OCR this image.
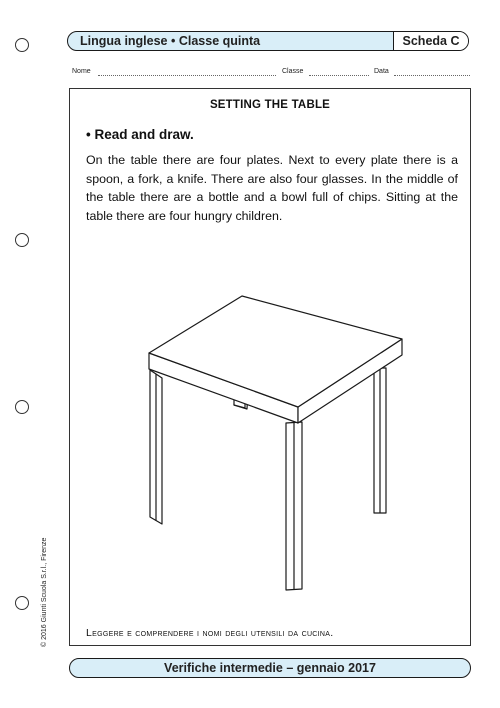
Lingua inglese • Classe quinta	Scheda C
Nome	Classe	Data
SETTING THE TABLE
• Read and draw.

On the table there are four plates. Next to every plate there is a spoon, a fork, a knife. There are also four glasses. In the middle of the table there are a bottle and a bowl full of chips. Sitting at the table there are four hungry children.

Leggere e comprendere i nomi degli utensili da cucina.
© 2016 Giunti Scuola S.r.l., Firenze
Verifiche intermedie – gennaio 2017
